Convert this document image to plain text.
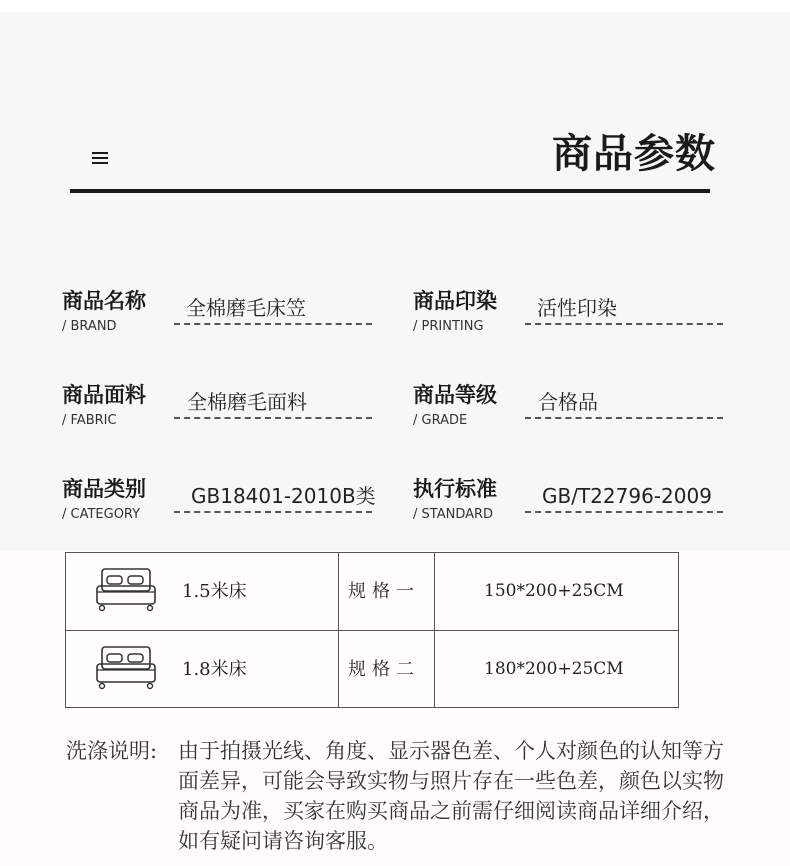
商品参数
商品名称
/ BRAND
全棉磨毛床笠	商品印染
/ PRINTING
活性印染
商品面料
/ FABRIC
全棉磨毛面料	商品等级
/ GRADE
合格品
商品类别
/ CATEGORY
GB18401-2010B类 执行标准
/ STANDARD
GB/T22796-2009
1.5米床	规格一	150*200+25CM
1.8米床	规格二	180*200+25CM
洗涤说明: 由于拍摄光线、角度、显示器色差、个人对颜色的认知等方面差异，可能会导致实物与照片存在一些色差，颜色以实物商品为准，买家在购买商品之前需仔细阅读商品详细介绍，如有疑问请咨询客服。
